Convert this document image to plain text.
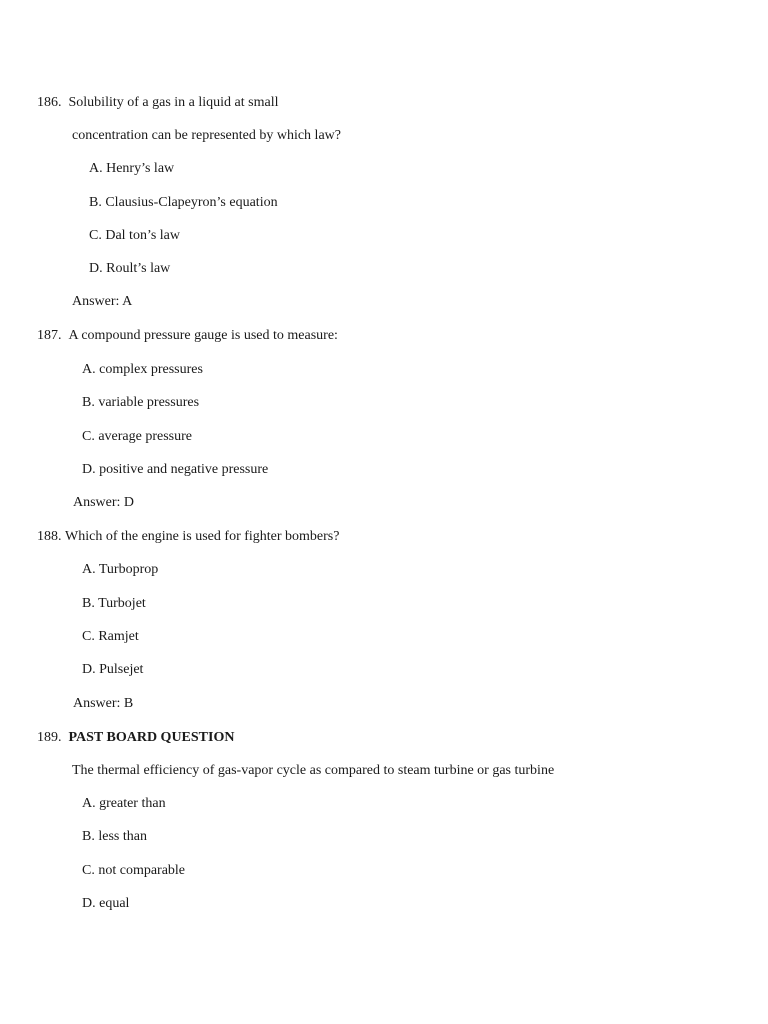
186. Solubility of a gas in a liquid at small
concentration can be represented by which law?
A. Henry’s law
B. Clausius-Clapeyron’s equation
C. Dal ton’s law
D. Roult’s law
Answer: A
187. A compound pressure gauge is used to measure:
A. complex pressures
B. variable pressures
C. average pressure
D. positive and negative pressure
Answer: D
188. Which of the engine is used for fighter bombers?
A. Turboprop
B. Turbojet
C. Ramjet
D. Pulsejet
Answer: B
189. PAST BOARD QUESTION
The thermal efficiency of gas-vapor cycle as compared to steam turbine or gas turbine
A. greater than
B. less than
C. not comparable
D. equal
